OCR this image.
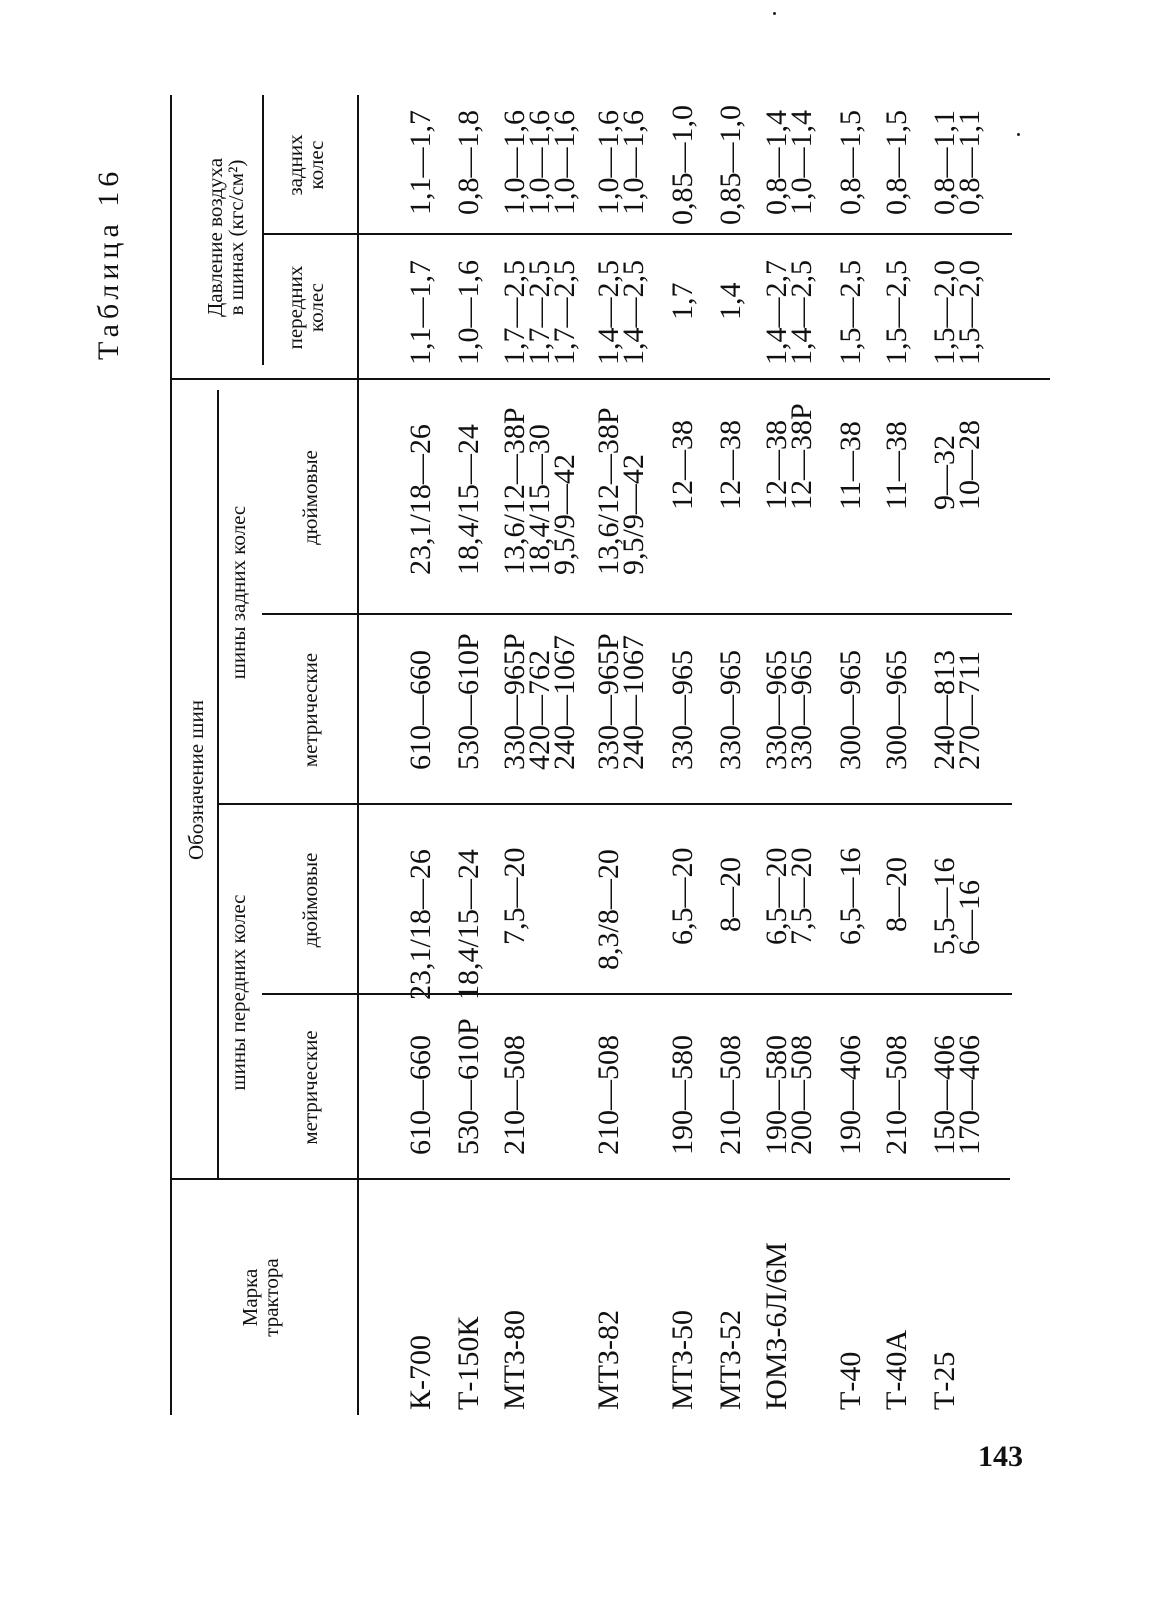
Таблица 16
Марка
трактора
Обозначение шин
шины передних колес
шины задних колес
метрические
дюймовые
метрические
дюймовые
Давление воздуха
в шинах (кгс/см²)
передних
колес
задних
колес
К-700
610—660
23,1/18—26
610—660
23,1/18—26
1,1—1,7
1,1—1,7
Т-150К
530—610Р
18,4/15—24
530—610Р
18,4/15—24
1,0—1,6
0,8—1,8
МТЗ-80
210—508
7,5—20
330—965Р
420—762
240—1067
13,6/12—38Р
18,4/15—30
9,5/9—42
1,7—2,5
1,7—2,5
1,7—2,5
1,0—1,6
1,0—1,6
1,0—1,6
МТЗ-82
210—508
8,3/8—20
330—965Р
240—1067
13,6/12—38Р
9,5/9—42
1,4—2,5
1,4—2,5
1,0—1,6
1,0—1,6
МТЗ-50
190—580
6,5—20
330—965
12—38
1,7
0,85—1,0
МТЗ-52
210—508
8—20
330—965
12—38
1,4
0,85—1,0
ЮМЗ-6Л/6М
190—580
200—508
6,5—20
7,5—20
330—965
330—965
12—38
12—38Р
1,4—2,7
1,4—2,5
0,8—1,4
1,0—1,4
Т-40
190—406
6,5—16
300—965
11—38
1,5—2,5
0,8—1,5
Т-40А
210—508
8—20
300—965
11—38
1,5—2,5
0,8—1,5
Т-25
150—406
170—406
5,5—16
6—16
240—813
270—711
9—32
10—28
1,5—2,0
1,5—2,0
0,8—1,1
0,8—1,1
143
